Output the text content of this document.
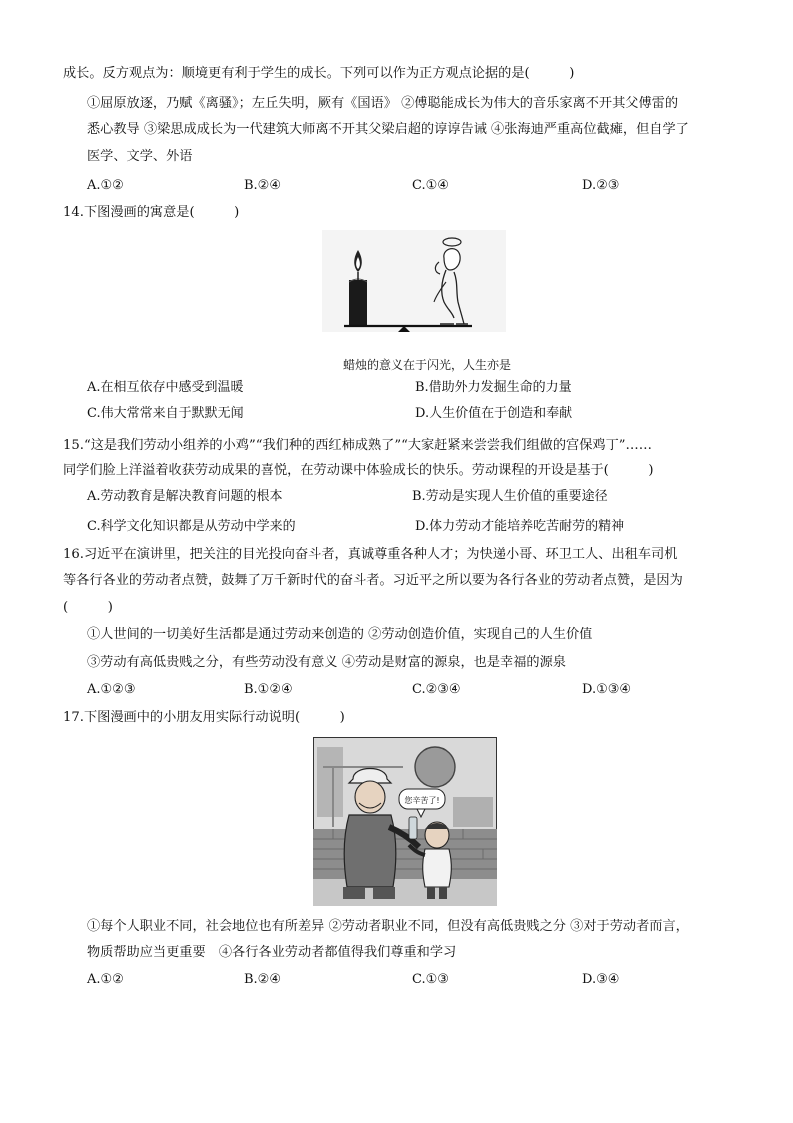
成长。反方观点为：顺境更有利于学生的成长。下列可以作为正方观点论据的是(　　　)
①屈原放逐，乃赋《离骚》；左丘失明，厥有《国语》 ②傅聪能成长为伟大的音乐家离不开其父傅雷的
悉心教导 ③梁思成成长为一代建筑大师离不开其父梁启超的谆谆告诫 ④张海迪严重高位截瘫，但自学了
医学、文学、外语
A.①②	B.②④	C.①④	D.②③
14.下图漫画的寓意是(　　　)
蜡烛的意义在于闪光，人生亦是
A.在相互依存中感受到温暖	B.借助外力发掘生命的力量
C.伟大常常来自于默默无闻	D.人生价值在于创造和奉献
15.“这是我们劳动小组养的小鸡”“我们种的西红柿成熟了”“大家赶紧来尝尝我们组做的宫保鸡丁”……
同学们脸上洋溢着收获劳动成果的喜悦，在劳动课中体验成长的快乐。劳动课程的开设是基于(　　　)
A.劳动教育是解决教育问题的根本	B.劳动是实现人生价值的重要途径
C.科学文化知识都是从劳动中学来的	D.体力劳动才能培养吃苦耐劳的精神
16.习近平在演讲里，把关注的目光投向奋斗者，真诚尊重各种人才；为快递小哥、环卫工人、出租车司机
等各行各业的劳动者点赞，鼓舞了万千新时代的奋斗者。习近平之所以要为各行各业的劳动者点赞，是因为
(　　　)
①人世间的一切美好生活都是通过劳动来创造的 ②劳动创造价值，实现自己的人生价值
③劳动有高低贵贱之分，有些劳动没有意义 ④劳动是财富的源泉，也是幸福的源泉
A.①②③	B.①②④	C.②③④	D.①③④
17.下图漫画中的小朋友用实际行动说明(　　　)
您辛苦了!
①每个人职业不同，社会地位也有所差异 ②劳动者职业不同，但没有高低贵贱之分 ③对于劳动者而言，
物质帮助应当更重要　④各行各业劳动者都值得我们尊重和学习
A.①②	B.②④	C.①③	D.③④
